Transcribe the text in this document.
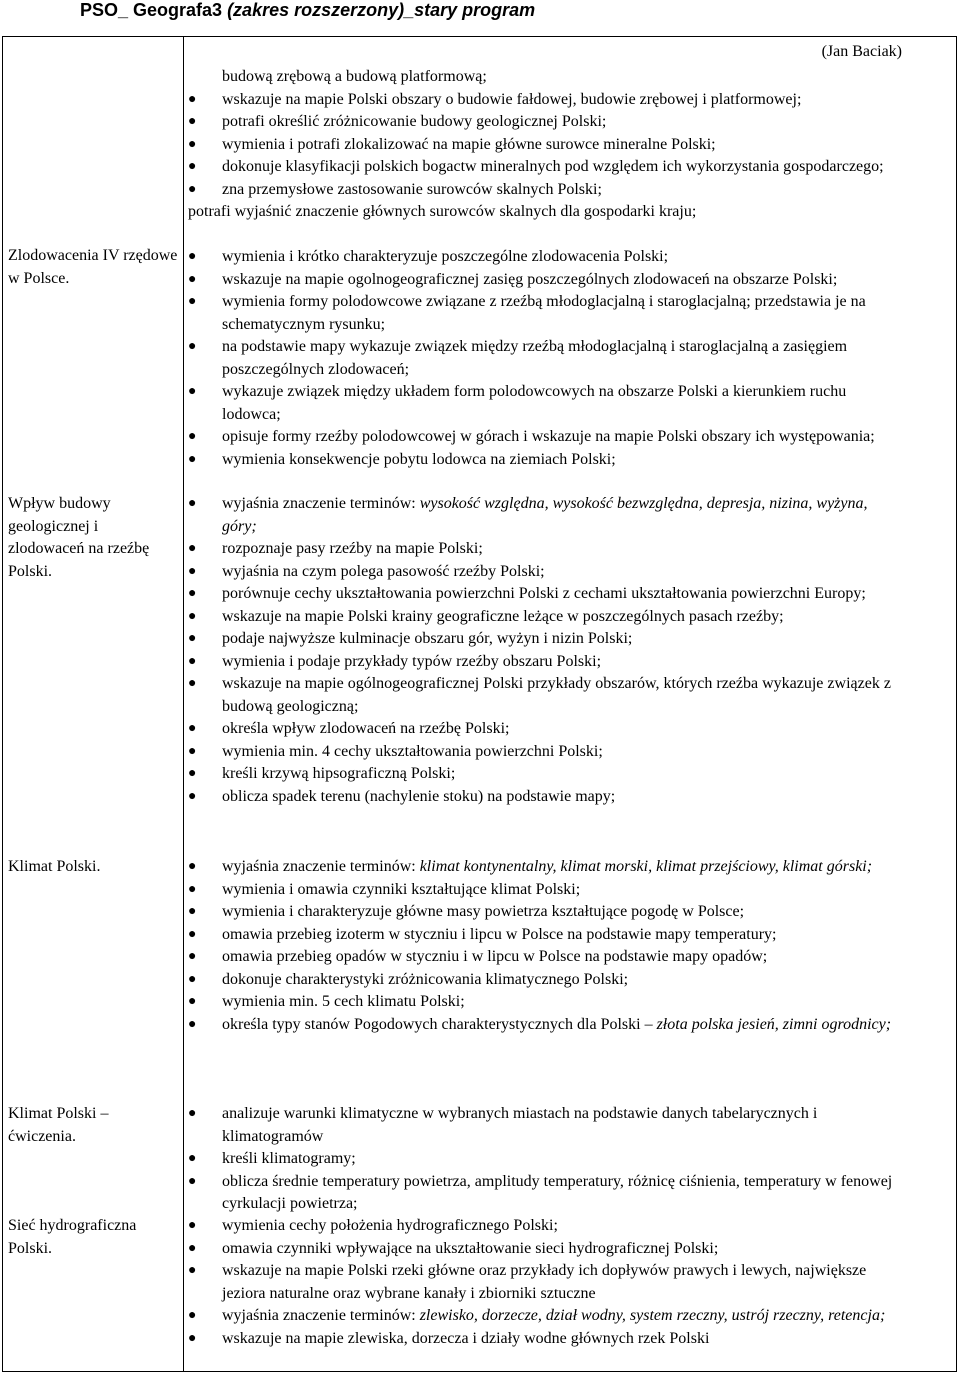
PSO_ Geografa3 (zakres rozszerzony)_stary program
(Jan Baciak)
budową zrębową a budową platformową;
● wskazuje na mapie Polski obszary o budowie fałdowej, budowie zrębowej i platformowej;
● potrafi określić zróżnicowanie budowy geologicznej Polski;
● wymienia i potrafi zlokalizować na mapie główne surowce mineralne Polski;
● dokonuje klasyfikacji polskich bogactw mineralnych pod względem ich wykorzystania gospodarczego;
● zna przemysłowe zastosowanie surowców skalnych Polski;
potrafi wyjaśnić znaczenie głównych surowców skalnych dla gospodarki kraju;
Zlodowacenia IV rzędowe w Polsce.
● wymienia i krótko charakteryzuje poszczególne zlodowacenia Polski;
● wskazuje na mapie ogolnogeograficznej zasięg poszczególnych zlodowaceń na obszarze Polski;
● wymienia formy polodowcowe związane z rzeźbą młodoglacjalną i staroglacjalną; przedstawia je na schematycznym rysunku;
● na podstawie mapy wykazuje związek między rzeźbą młodoglacjalną i staroglacjalną a zasięgiem poszczególnych zlodowaceń;
● wykazuje związek między układem form polodowcowych na obszarze Polski a kierunkiem ruchu lodowca;
● opisuje formy rzeźby polodowcowej w górach i wskazuje na mapie Polski obszary ich występowania;
● wymienia konsekwencje pobytu lodowca na ziemiach Polski;
Wpływ budowy geologicznej i zlodowaceń na rzeźbę Polski.
● wyjaśnia znaczenie terminów: wysokość względna, wysokość bezwzględna, depresja, nizina, wyżyna, góry;
● rozpoznaje pasy rzeźby na mapie Polski;
● wyjaśnia na czym polega pasowość rzeźby Polski;
● porównuje cechy ukształtowania powierzchni Polski z cechami ukształtowania powierzchni Europy;
● wskazuje na mapie Polski krainy geograficzne leżące w poszczególnych pasach rzeźby;
● podaje najwyższe kulminacje obszaru gór, wyżyn i nizin Polski;
● wymienia i podaje przykłady typów rzeźby obszaru Polski;
● wskazuje na mapie ogólnogeograficznej Polski przykłady obszarów, których rzeźba wykazuje związek z budową geologiczną;
● określa wpływ zlodowaceń na rzeźbę Polski;
● wymienia min. 4 cechy ukształtowania powierzchni Polski;
● kreśli krzywą hipsograficzną Polski;
● oblicza spadek terenu (nachylenie stoku) na podstawie mapy;
Klimat Polski.	● wyjaśnia znaczenie terminów: klimat kontynentalny, klimat morski, klimat przejściowy, klimat górski;
● wymienia i omawia czynniki kształtujące klimat Polski;
● wymienia i charakteryzuje główne masy powietrza kształtujące pogodę w Polsce;
● omawia przebieg izoterm w styczniu i lipcu w Polsce na podstawie mapy temperatury;
● omawia przebieg opadów w styczniu i w lipcu w Polsce na podstawie mapy opadów;
● dokonuje charakterystyki zróżnicowania klimatycznego Polski;
● wymienia min. 5 cech klimatu Polski;
● określa typy stanów Pogodowych charakterystycznych dla Polski – złota polska jesień, zimni ogrodnicy;
Klimat Polski – ćwiczenia.
● analizuje warunki klimatyczne w wybranych miastach na podstawie danych tabelarycznych i klimatogramów
● kreśli klimatogramy;
● oblicza średnie temperatury powietrza, amplitudy temperatury, różnicę ciśnienia, temperatury w fenowej cyrkulacji powietrza;
Sieć hydrograficzna Polski.
● wymienia cechy położenia hydrograficznego Polski;
● omawia czynniki wpływające na ukształtowanie sieci hydrograficznej Polski;
● wskazuje na mapie Polski rzeki główne oraz przykłady ich dopływów prawych i lewych, największe jeziora naturalne oraz wybrane kanały i zbiorniki sztuczne
● wyjaśnia znaczenie terminów: zlewisko, dorzecze, dział wodny, system rzeczny, ustrój rzeczny, retencja;
● wskazuje na mapie zlewiska, dorzecza i działy wodne głównych rzek Polski
